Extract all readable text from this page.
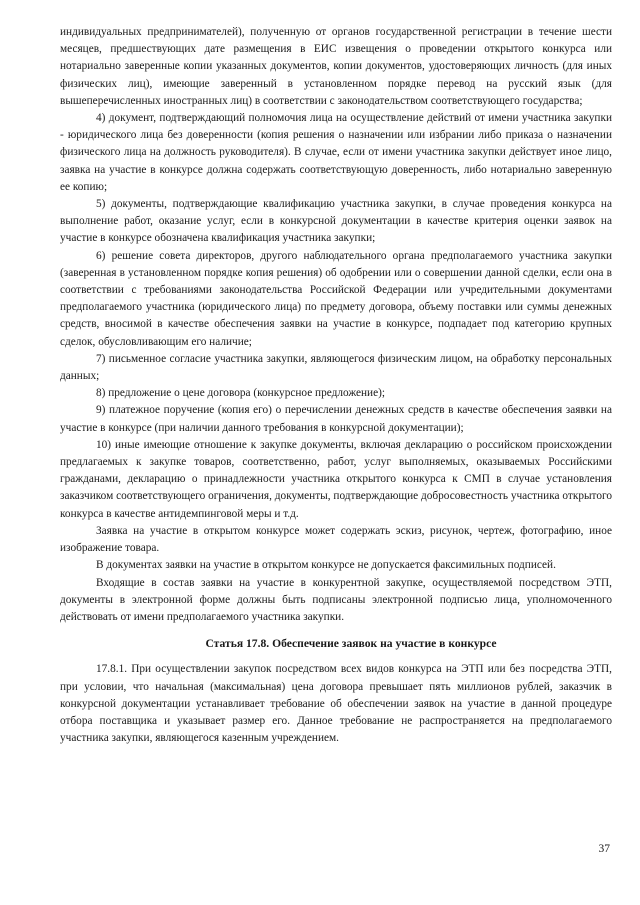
индивидуальных предпринимателей), полученную от органов государственной регистрации в течение шести месяцев, предшествующих дате размещения в ЕИС извещения о проведении открытого конкурса или нотариально заверенные копии указанных документов, копии документов, удостоверяющих личность (для иных физических лиц), имеющие заверенный в установленном порядке перевод на русский язык (для вышеперечисленных иностранных лиц) в соответствии с законодательством соответствующего государства;

4) документ, подтверждающий полномочия лица на осуществление действий от имени участника закупки - юридического лица без доверенности (копия решения о назначении или избрании либо приказа о назначении физического лица на должность руководителя). В случае, если от имени участника закупки действует иное лицо, заявка на участие в конкурсе должна содержать соответствующую доверенность, либо нотариально заверенную ее копию;

5) документы, подтверждающие квалификацию участника закупки, в случае проведения конкурса на выполнение работ, оказание услуг, если в конкурсной документации в качестве критерия оценки заявок на участие в конкурсе обозначена квалификация участника закупки;

6) решение совета директоров, другого наблюдательного органа предполагаемого участника закупки (заверенная в установленном порядке копия решения) об одобрении или о совершении данной сделки, если она в соответствии с требованиями законодательства Российской Федерации или учредительными документами предполагаемого участника (юридического лица) по предмету договора, объему поставки или суммы денежных средств, вносимой в качестве обеспечения заявки на участие в конкурсе, подпадает под категорию крупных сделок, обусловливающим его наличие;

7) письменное согласие участника закупки, являющегося физическим лицом, на обработку персональных данных;

8) предложение о цене договора (конкурсное предложение);

9) платежное поручение (копия его) о перечислении денежных средств в качестве обеспечения заявки на участие в конкурсе (при наличии данного требования в конкурсной документации);

10) иные имеющие отношение к закупке документы, включая декларацию о российском происхождении предлагаемых к закупке товаров, соответственно, работ, услуг выполняемых, оказываемых Российскими гражданами, декларацию о принадлежности участника открытого конкурса к СМП в случае установления заказчиком соответствующего ограничения, документы, подтверждающие добросовестность участника открытого конкурса в качестве антидемпинговой меры и т.д.

Заявка на участие в открытом конкурсе может содержать эскиз, рисунок, чертеж, фотографию, иное изображение товара.

В документах заявки на участие в открытом конкурсе не допускается факсимильных подписей.

Входящие в состав заявки на участие в конкурентной закупке, осуществляемой посредством ЭТП, документы в электронной форме должны быть подписаны электронной подписью лица, уполномоченного действовать от имени предполагаемого участника закупки.

Статья 17.8. Обеспечение заявок на участие в конкурсе

17.8.1. При осуществлении закупок посредством всех видов конкурса на ЭТП или без посредства ЭТП, при условии, что начальная (максимальная) цена договора превышает пять миллионов рублей, заказчик в конкурсной документации устанавливает требование об обеспечении заявок на участие в данной процедуре отбора поставщика и указывает размер его. Данное требование не распространяется на предполагаемого участника закупки, являющегося казенным учреждением.

37
